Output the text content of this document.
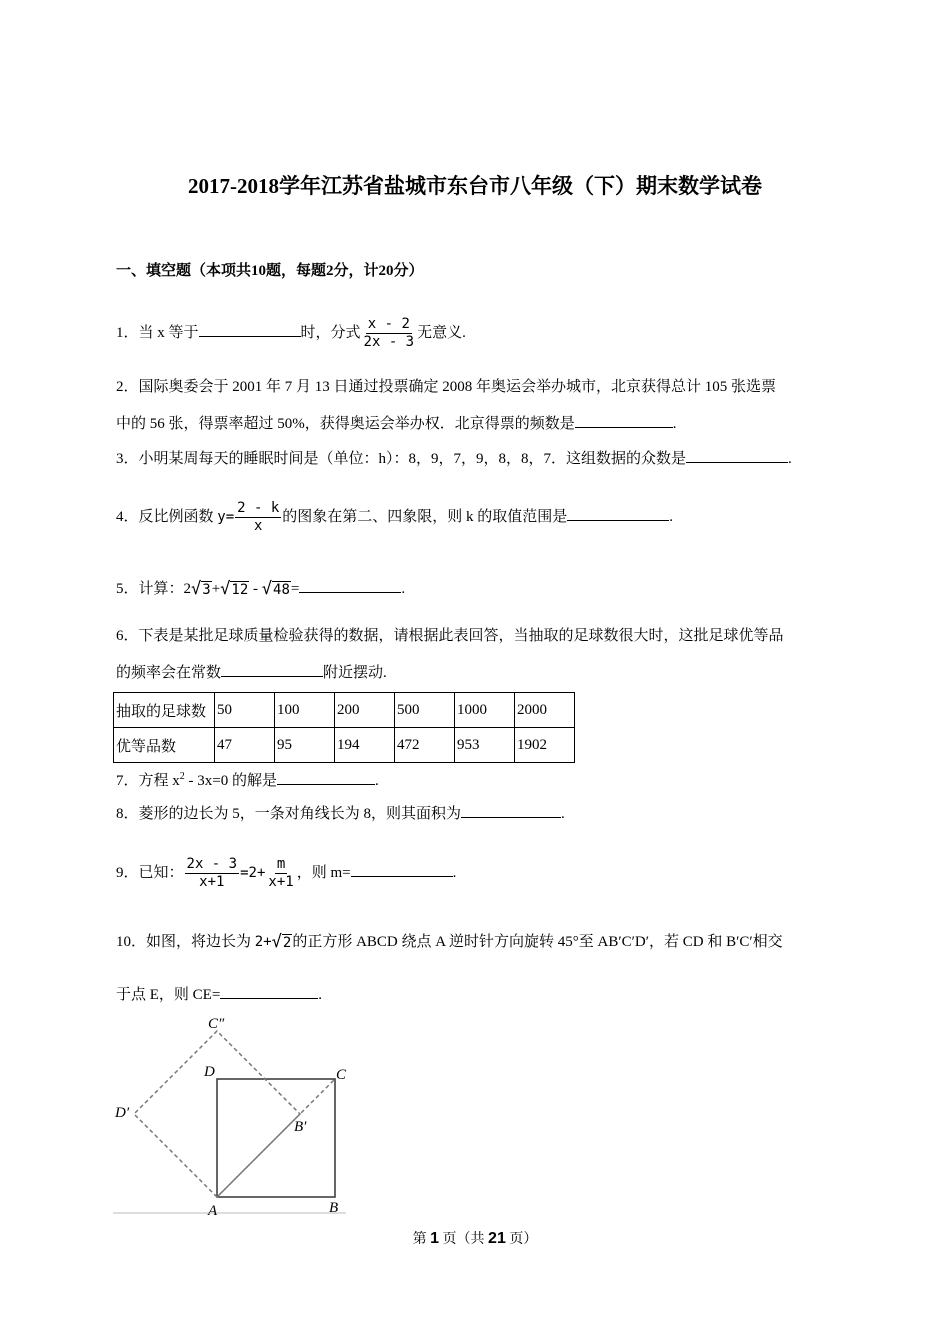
2017-2018学年江苏省盐城市东台市八年级（下）期末数学试卷
一、填空题（本项共10题，每题2分，计20分）
1．当 x 等于	时，分式 $\frac{x - 2}{2x - 3}$ 无意义.
2．国际奥委会于 2001 年 7 月 13 日通过投票确定 2008 年奥运会举办城市，北京获得总计 105 张选票
中的 56 张，得票率超过 50%，获得奥运会举办权．北京得票的频数是	.
3．小明某周每天的睡眠时间是（单位：h）：8，9，7，9，8，8，7．这组数据的众数是	.
4．反比例函数 $y= \frac{2 - k}{x}$ 的图象在第二、四象限，则 k 的取值范围是	.
5．计算：2 √ 3 + √ 12 - √ 48 =	.
6．下表是某批足球质量检验获得的数据，请根据此表回答，当抽取的足球数很大时，这批足球优等品
的频率会在常数	附近摆动.
抽取的足球数	50	100	200	500	1000	2000
优等品数	47	95	194	472	953	1902
7．方程 $x^2 - 3x=0$ 的解是	.
8．菱形的边长为 5，一条对角线长为 8，则其面积为	.
9．已知： $\frac{2x - 3}{x+1} =2+ \frac{m}{x+1}$ ，则 m=	.
10．如图，将边长为 2+ √ 2 的正方形 ABCD 绕点 A 逆时针方向旋转 45°至 AB′C′D′，若 CD 和 B′C′相交
于点 E，则 CE=	.
A	B
C
D
B′
C″
D′
第 1 页（共 21 页）
